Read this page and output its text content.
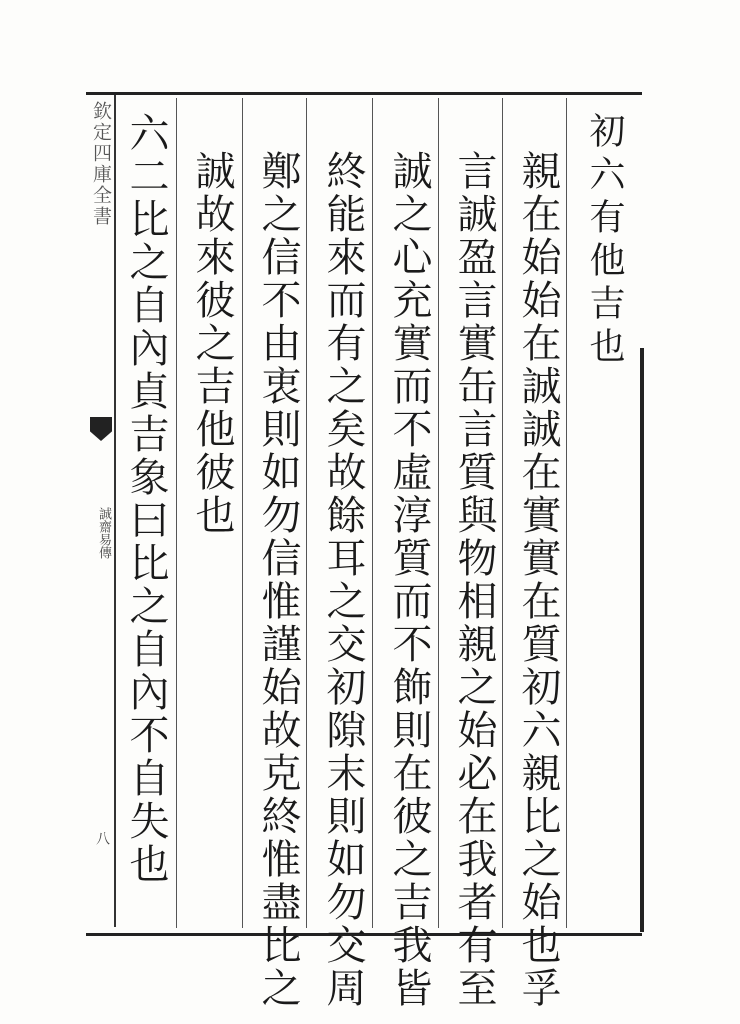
欽定四庫全書
誠齋易傳
八
初六有他吉也
親在始始在誠誠在實實在質初六親比之始也孚
言誠盈言實缶言質與物相親之始必在我者有至
誠之心充實而不虛淳質而不飾則在彼之吉我皆
終能來而有之矣故餘耳之交初隙末則如勿交周
鄭之信不由衷則如勿信惟謹始故克終惟盡比之
誠故來彼之吉他彼也
六二比之自內貞吉象曰比之自內不自失也
